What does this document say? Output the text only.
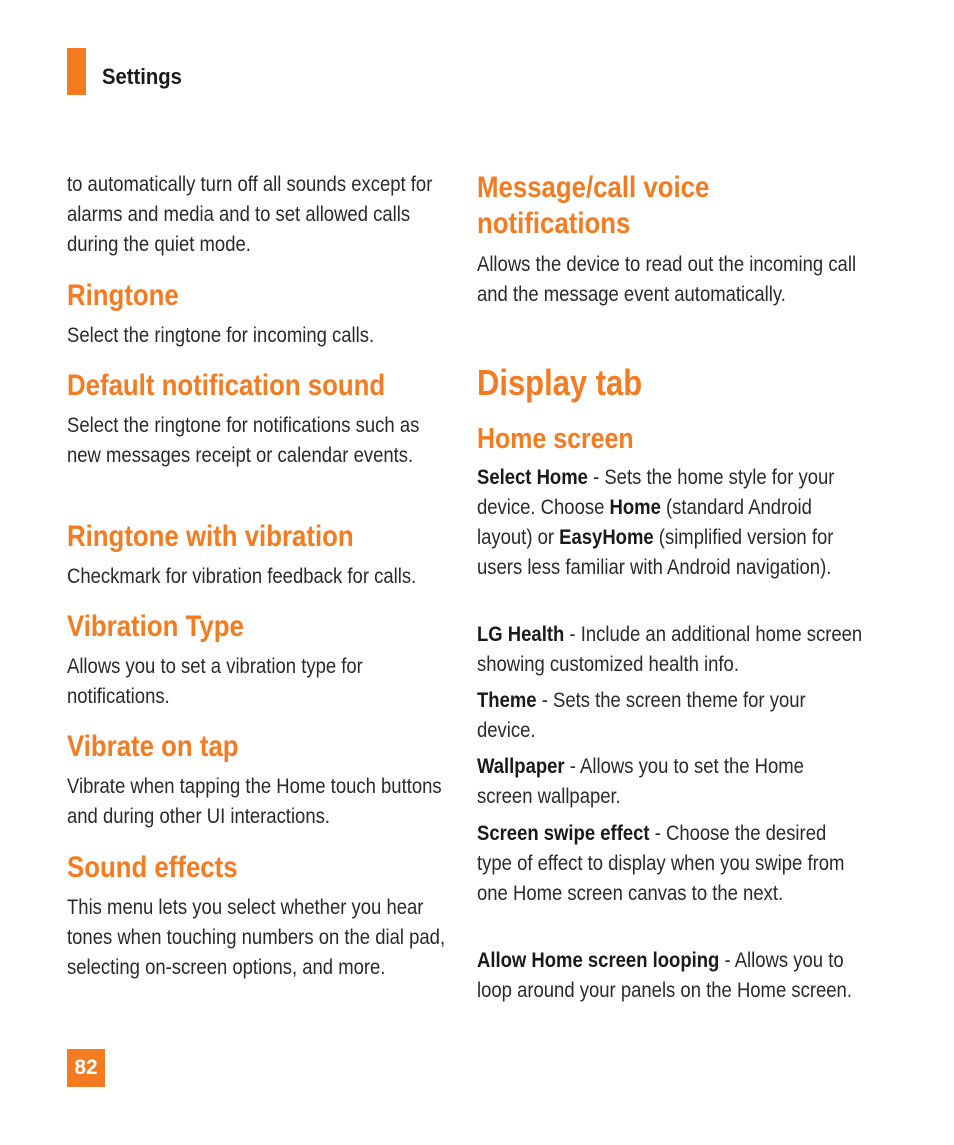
Settings

to automatically turn off all sounds except for alarms and media and to set allowed calls during the quiet mode.

Ringtone

Select the ringtone for incoming calls.

Default notification sound

Select the ringtone for notifications such as new messages receipt or calendar events.

Ringtone with vibration

Checkmark for vibration feedback for calls.

Vibration Type

Allows you to set a vibration type for notifications.

Vibrate on tap

Vibrate when tapping the Home touch buttons and during other UI interactions.

Sound effects

This menu lets you select whether you hear tones when touching numbers on the dial pad, selecting on-screen options, and more.

Message/call voice
notifications

Allows the device to read out the incoming call and the message event automatically.

Display tab
Home screen

Select Home - Sets the home style for your device. Choose Home (standard Android layout) or EasyHome (simplified version for users less familiar with Android navigation).

LG Health - Include an additional home screen showing customized health info.

Theme - Sets the screen theme for your device.

Wallpaper - Allows you to set the Home screen wallpaper.

Screen swipe effect - Choose the desired type of effect to display when you swipe from one Home screen canvas to the next.

Allow Home screen looping - Allows you to loop around your panels on the Home screen.

82
